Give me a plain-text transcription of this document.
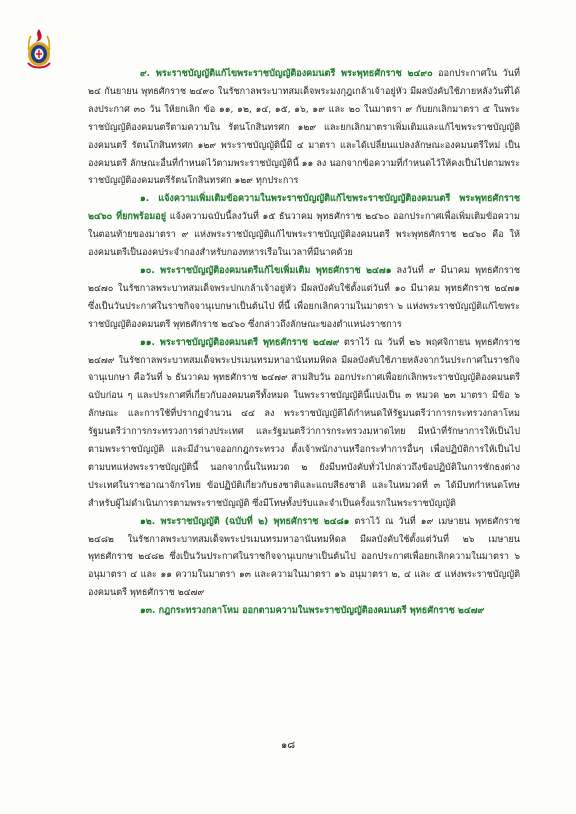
๙. พระราชบัญญัติแก้ไขพระราชบัญญัติองคมนตรี พระพุทธศักราช ๒๔๙๐ ออกประกาศใน วันที่ ๒๔ กันยายน พุทธศักราช ๒๔๙๐ ในรัชกาลพระบาทสมเด็จพระมงกุฎเกล้าเจ้าอยู่หัว มีผลบังคับใช้ภายหลังวันที่ได้ลงประกาศ ๓๐ วัน ให้ยกเลิก ข้อ ๑๑, ๑๒, ๑๔, ๑๕, ๑๖, ๑๙ และ ๒๐ ในมาตรา ๙ กับยกเลิกมาตรา ๕ ในพระราชบัญญัติองคมนตรีตามความใน รัตนโกสินทรศก ๑๒๙ และยกเลิกมาตราเพิ่มเติมและแก้ไขพระราชบัญญัติองคมนตรี รัตนโกสินทรศก ๑๒๙ พระราชบัญญัตินี้มี ๔ มาตรา และได้เปลี่ยนแปลงลักษณะองคมนตรีใหม่ เป็นองคมนตรี ลักษณะอื่นที่กำหนดไว้ตามพระราชบัญญัตินี้ ๑๑ ลง นอกจากข้อความที่กำหนดไว้ให้คงเป็นไปตามพระราชบัญญัติองคมนตรีรัตนโกสินทรศก ๑๒๙ ทุกประการ

๑. แจ้งความเพิ่มเติมข้อความในพระราชบัญญัติแก้ไขพระราชบัญญัติองคมนตรี พระพุทธศักราช ๒๔๖๐ ที่ยกพร้อมอยู่ แจ้งความฉบับนี้ลงวันที่ ๑๕ ธันวาคม พุทธศักราช ๒๔๖๐ ออกประกาศเพื่อเพิ่มเติมข้อความในตอนท้ายของมาตรา ๙ แห่งพระราชบัญญัติแก้ไขพระราชบัญญัติองคมนตรี พระพุทธศักราช ๒๔๖๐ คือ ให้องคมนตรีเป็นองคประจำกองสำหรับกองทหารเรือในเวลาที่มีนาคด้วย

๑๐. พระราชบัญญัติองคมนตรีแก้ไขเพิ่มเติม พุทธศักราช ๒๔๗๑ ลงวันที่ ๙ มีนาคม พุทธศักราช ๒๔๗๐ ในรัชกาลพระบาทสมเด็จพระปกเกล้าเจ้าอยู่หัว มีผลบังคับใช้ตั้งแต่วันที่ ๑๐ มีนาคม พุทธศักราช ๒๔๗๑ ซึ่งเป็นวันประกาศในราชกิจจานุเบกษาเป็นต้นไป ที่นี้ เพื่อยกเลิกความในมาตรา ๖ แห่งพระราชบัญญัติแก้ไขพระราชบัญญัติองคมนตรี พุทธศักราช ๒๔๖๐ ซึ่งกล่าวถึงลักษณะของตำแหน่งราชการ

๑๑. พระราชบัญญัติองคมนตรี พุทธศักราช ๒๔๗๙ ตราไว้ ณ วันที่ ๒๖ พฤศจิกายน พุทธศักราช ๒๔๗๙ ในรัชกาลพระบาทสมเด็จพระปรเมนทรมหาอานันทมหิดล มีผลบังคับใช้ภายหลังจากวันประกาศในราชกิจจานุเบกษา คือวันที่ ๖ ธันวาคม พุทธศักราช ๒๔๗๙ สามสิบวัน ออกประกาศเพื่อยกเลิกพระราชบัญญัติองคมนตรีฉบับก่อน ๆ และประกาศที่เกี่ยวกับองคมนตรีทั้งหมด ในพระราชบัญญัตินี้แบ่งเป็น ๓ หมวด ๒๓ มาตรา มีข้อ ๖ ลักษณะ และการใช้ที่ปรากฏจำนวน ๔๔ ลง พระราชบัญญัติได้กำหนดให้รัฐมนตรีว่าการกระทรวงกลาโหม รัฐมนตรีว่าการกระทรวงการต่างประเทศ และรัฐมนตรีว่าการกระทรวงมหาดไทย มีหน้าที่รักษาการให้เป็นไปตามพระราชบัญญัติ และมีอำนาจออกกฎกระทรวง ตั้งเจ้าพนักงานหรือกระทำการอื่นๆ เพื่อปฏิบัติการให้เป็นไปตามบทแห่งพระราชบัญญัตินี้ นอกจากนั้นในหมวด ๒ ยังมีบทบังคับทั่วไปกล่าวถึงข้อปฏิบัติในการชักธงต่างประเทศในราชอาณาจักรไทย ข้อปฏิบัติเกี่ยวกับธงชาติและแถบสีธงชาติ และในหมวดที่ ๓ ได้มีบทกำหนดโทษสำหรับผู้ไม่ดำเนินการตามพระราชบัญญัติ ซึ่งมีโทษทั้งปรับและจำเป็นครั้งแรกในพระราชบัญญัติ

๑๒. พระราชบัญญัติ (ฉบับที่ ๒) พุทธศักราช ๒๔๘๑ ตราไว้ ณ วันที่ ๑๙ เมษายน พุทธศักราช ๒๔๘๒ ในรัชกาลพระบาทสมเด็จพระปรเมนทรมหาอานันทมหิดล มีผลบังคับใช้ตั้งแต่วันที่ ๒๖ เมษายน พุทธศักราช ๒๔๘๒ ซึ่งเป็นวันประกาศในราชกิจจานุเบกษาเป็นต้นไป ออกประกาศเพื่อยกเลิกความในมาตรา ๖ อนุมาตรา ๔ และ ๑๑ ความในมาตรา ๑๓ และความในมาตรา ๑๖ อนุมาตรา ๒, ๔ และ ๕ แห่งพระราชบัญญัติองคมนตรี พุทธศักราช ๒๔๗๙

๑๓. กฎกระทรวงกลาโหม ออกตามความในพระราชบัญญัติองคมนตรี พุทธศักราช ๒๔๗๙

๑๘
